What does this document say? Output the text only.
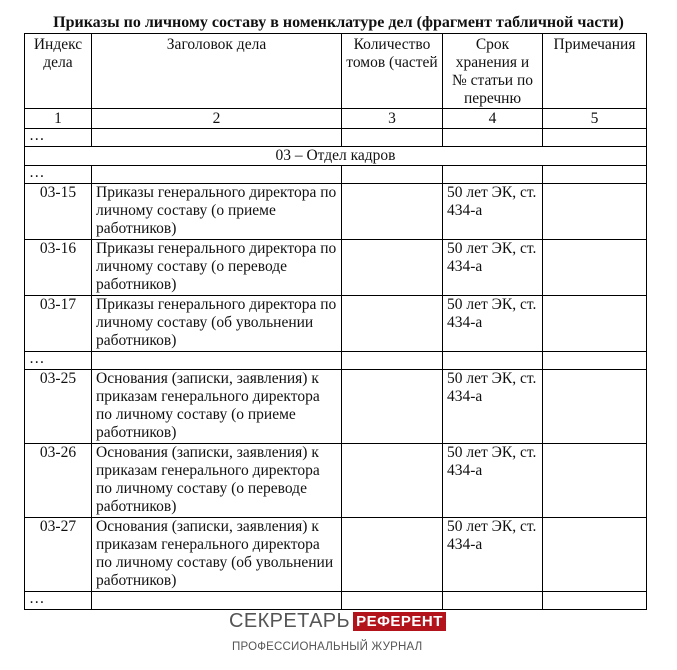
Приказы по личному составу в номенклатуре дел (фрагмент табличной части)
Индекс дела	Заголовок дела	Количество томов (частей	Срок хранения и № статьи по перечню	Примечания
1	2	3	4	5
…				
03 – Отдел кадров				
…				
03-15	Приказы генерального директора по личному составу (о приеме работников)		50 лет ЭК, ст. 434-а	
03-16	Приказы генерального директора по личному составу (о переводе работников)		50 лет ЭК, ст. 434-а	
03-17	Приказы генерального директора по личному составу (об увольнении работников)		50 лет ЭК, ст. 434-а	
…				
03-25	Основания (записки, заявления) к приказам генерального директора по личному составу (о приеме работников)		50 лет ЭК, ст. 434-а	
03-26	Основания (записки, заявления) к приказам генерального директора по личному составу (о переводе работников)		50 лет ЭК, ст. 434-а	
03-27	Основания (записки, заявления) к приказам генерального директора по личному составу (об увольнении работников)		50 лет ЭК, ст. 434-а	
…				
СЕКРЕТАРЬ РЕФЕРЕНТ
ПРОФЕССИОНАЛЬНЫЙ ЖУРНАЛ
